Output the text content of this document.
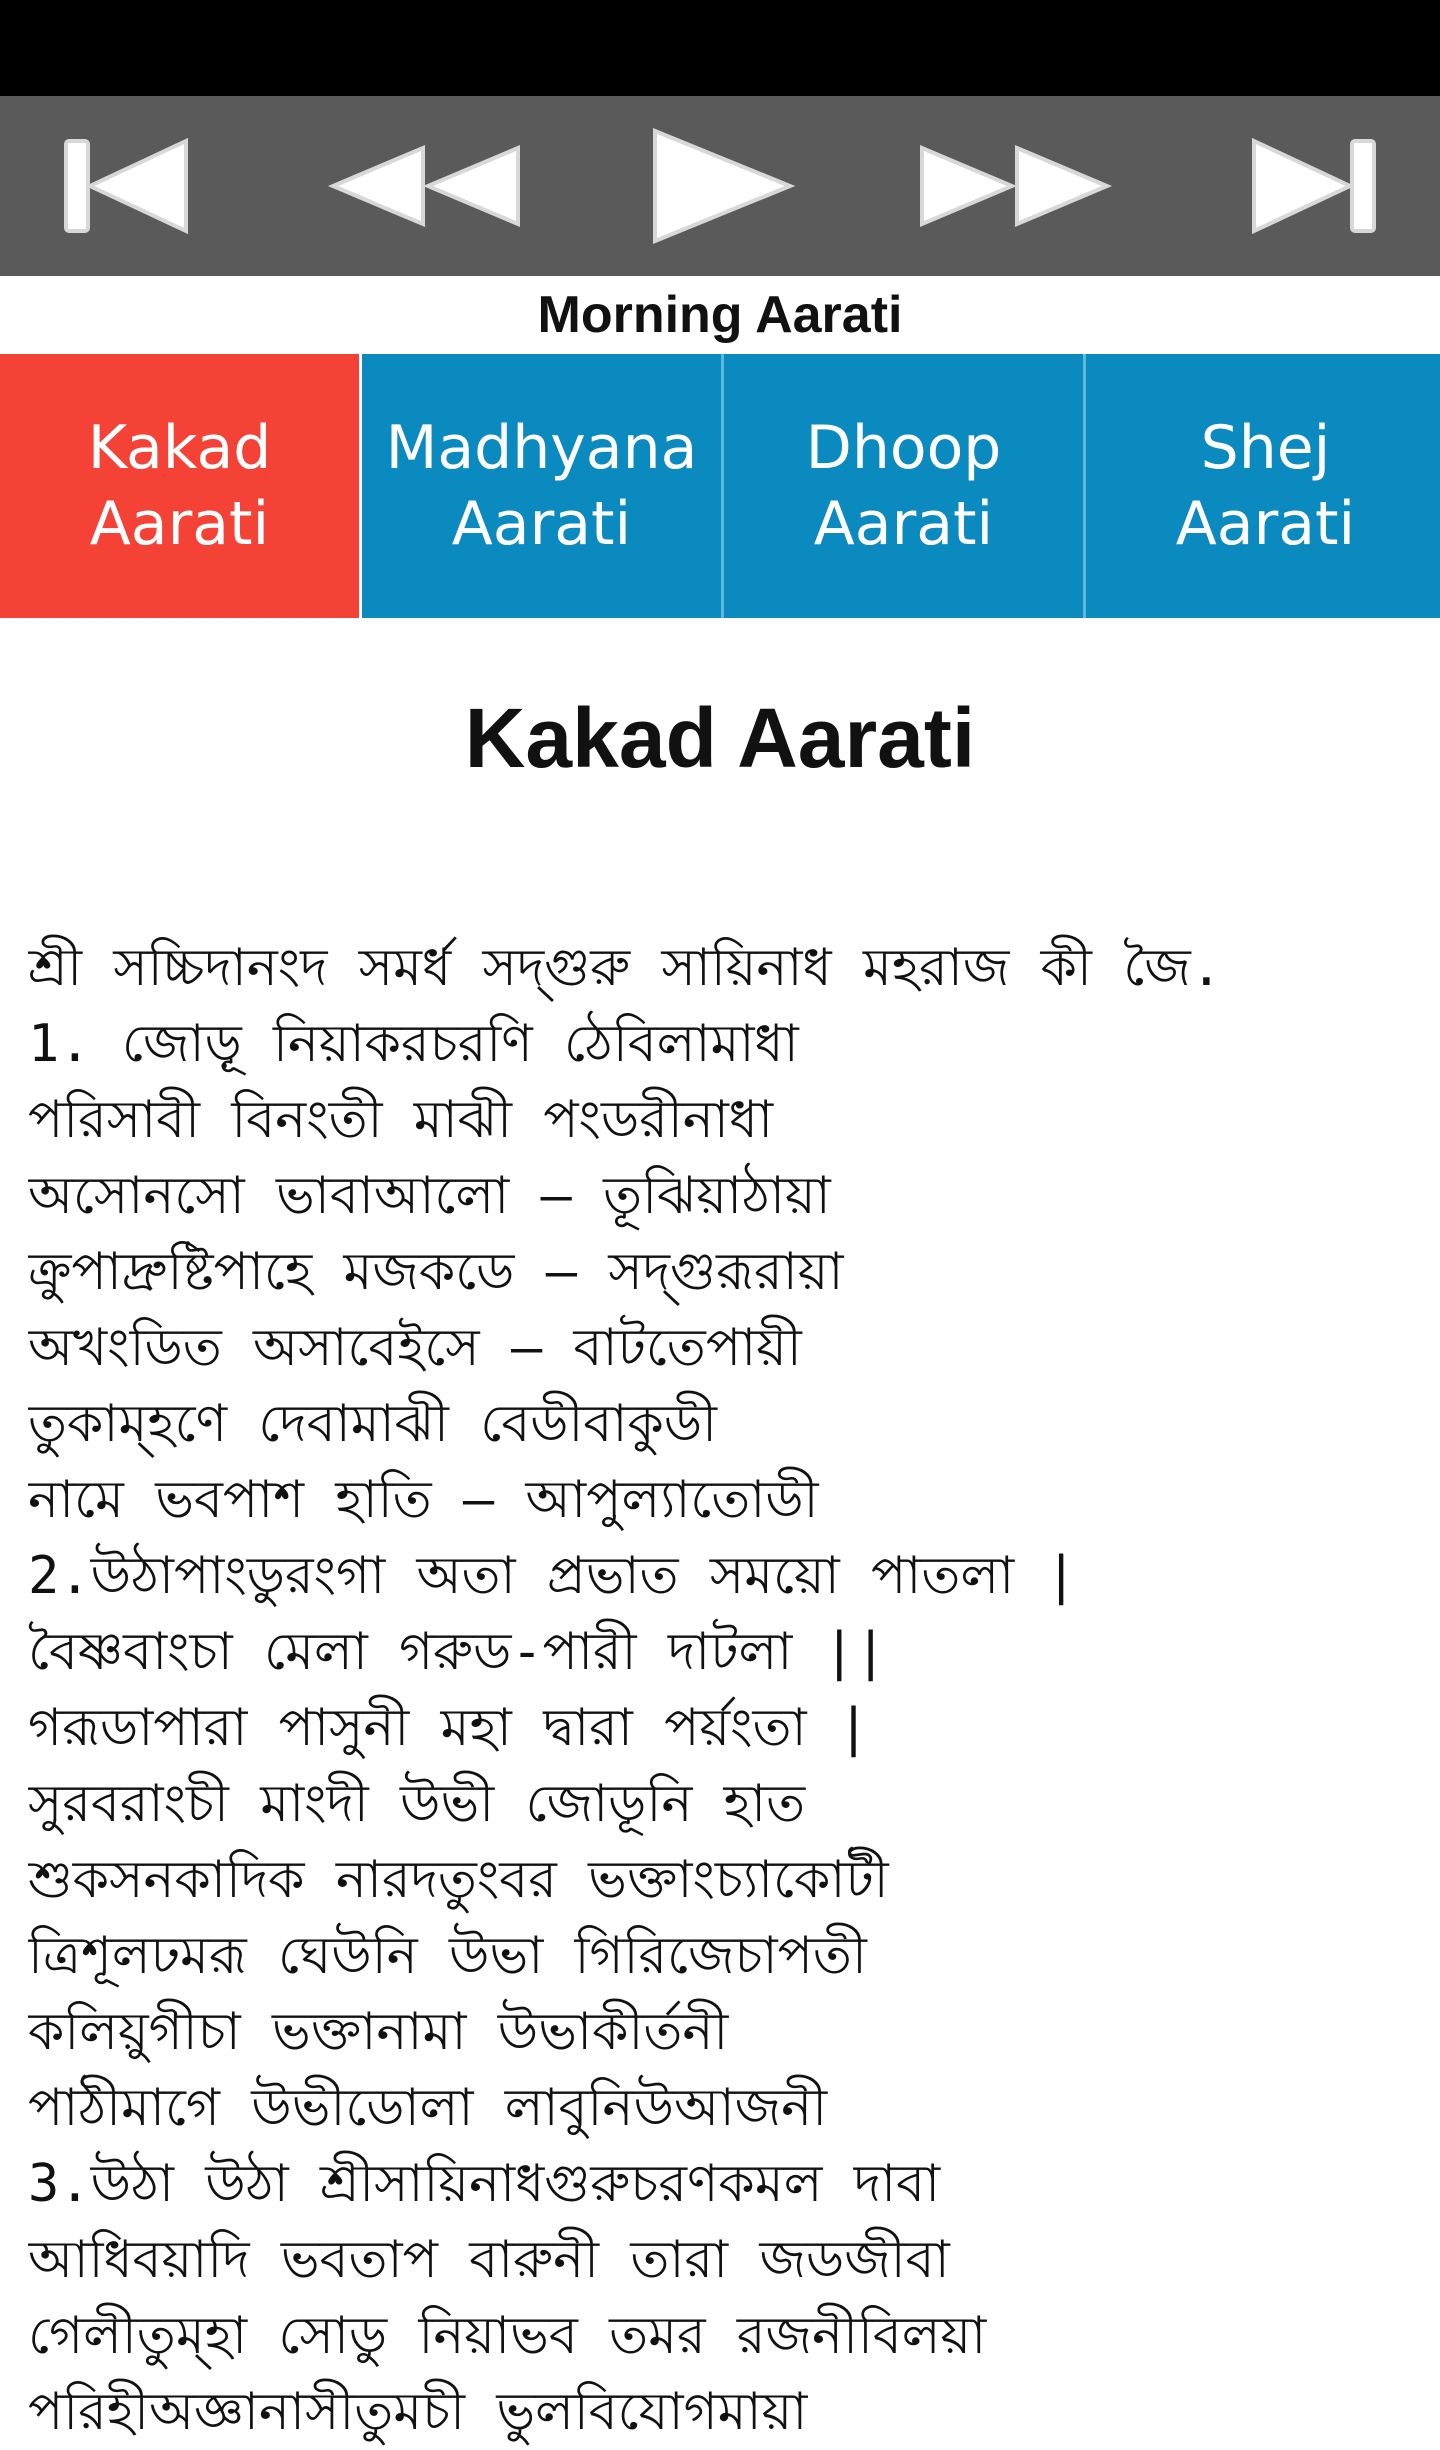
Morning Aarati
Kakad
Aarati
Madhyana
Aarati
Dhoop
Aarati
Shej
Aarati
Kakad Aarati
শ্রী সচ্চিদানংদ সমর্ধ সদ্গুরু সায়িনাধ মহরাজ কী জৈ.
1. জোড়ূ নিয়াকরচরণি ঠেবিলামাধা
পরিসাবী বিনংতী মাঝী পংডরীনাধা
অসোনসো ভাবাআলো – তূঝিয়াঠায়া
ক্রুপাদ্রুষ্টিপাহে মজকডে – সদ্গুরূরায়া
অখংডিত অসাবেইসে – বাটতেপায়ী
তুকাম্হণে দেবামাঝী বেডীবাকুডী
নামে ভবপাশ হাতি – আপুল্যাতোডী
2.উঠাপাংডুরংগা অতা প্রভাত সময়ো পাতলা |
বৈষ্ণবাংচা মেলা গরুড-পারী দাটলা ||
গরূডাপারা পাসুনী মহা দ্বারা পর্য়ংতা |
সুরবরাংচী মাংদী উভী জোডূনি হাত
শুকসনকাদিক নারদতুংবর ভক্তাংচ্যাকোটী
ত্রিশূলঢমরূ ঘেউনি উভা গিরিজেচাপতী
কলিয়ুগীচা ভক্তানামা উভাকীর্তনী
পাঠীমাগে উভীডোলা লাবুনিউআজনী
3.উঠা উঠা শ্রীসায়িনাধগুরুচরণকমল দাবা
আধিবয়াদি ভবতাপ বারুনী তারা জডজীবা
গেলীতুম্হা সোডু নিয়াভব তমর রজনীবিলয়া
পরিহীঅজ্ঞানাসীতুমচী ভুলবিযোগমায়া
